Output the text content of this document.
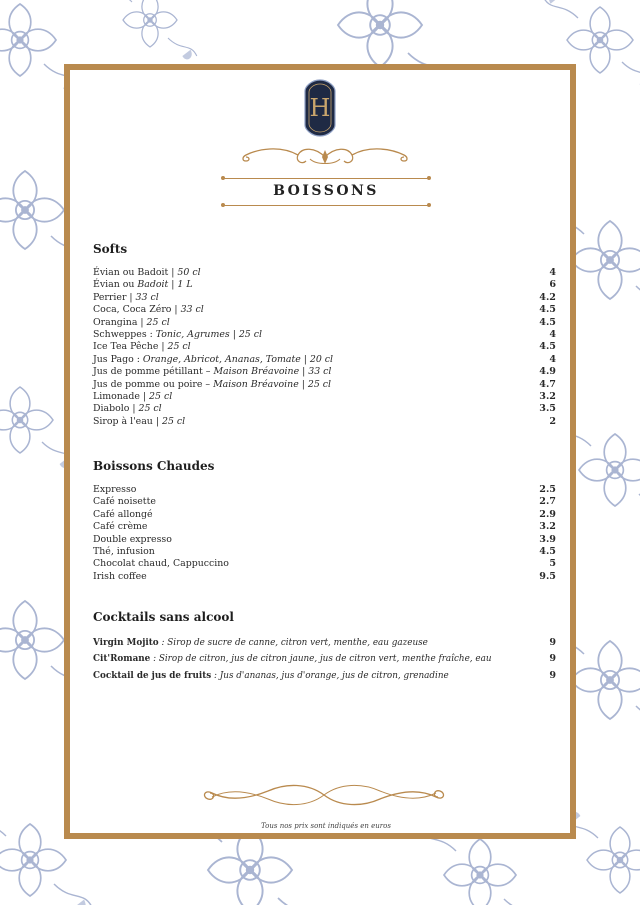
H
BOISSONS
Softs
Évian ou Badoit | 50 cl	4
Évian ou Badoit | 1 L	6
Perrier | 33 cl	4.2
Coca, Coca Zéro | 33 cl	4.5
Orangina | 25 cl	4.5
Schweppes : Tonic, Agrumes | 25 cl	4
Ice Tea Pêche | 25 cl	4.5
Jus Pago : Orange, Abricot, Ananas, Tomate | 20 cl	4
Jus de pomme pétillant – Maison Bréavoine | 33 cl	4.9
Jus de pomme ou poire – Maison Bréavoine | 25 cl	4.7
Limonade | 25 cl	3.2
Diabolo | 25 cl	3.5
Sirop à l'eau | 25 cl	2
Boissons Chaudes
Expresso	2.5
Café noisette	2.7
Café allongé	2.9
Café crème	3.2
Double expresso	3.9
Thé, infusion	4.5
Chocolat chaud, Cappuccino	5
Irish coffee	9.5
Cocktails sans alcool
Virgin Mojito : Sirop de sucre de canne, citron vert, menthe, eau gazeuse	9
Cit'Romane : Sirop de citron, jus de citron jaune, jus de citron vert, menthe fraîche, eau	9
Cocktail de jus de fruits : Jus d'ananas, jus d'orange, jus de citron, grenadine	9
Tous nos prix sont indiqués en euros
